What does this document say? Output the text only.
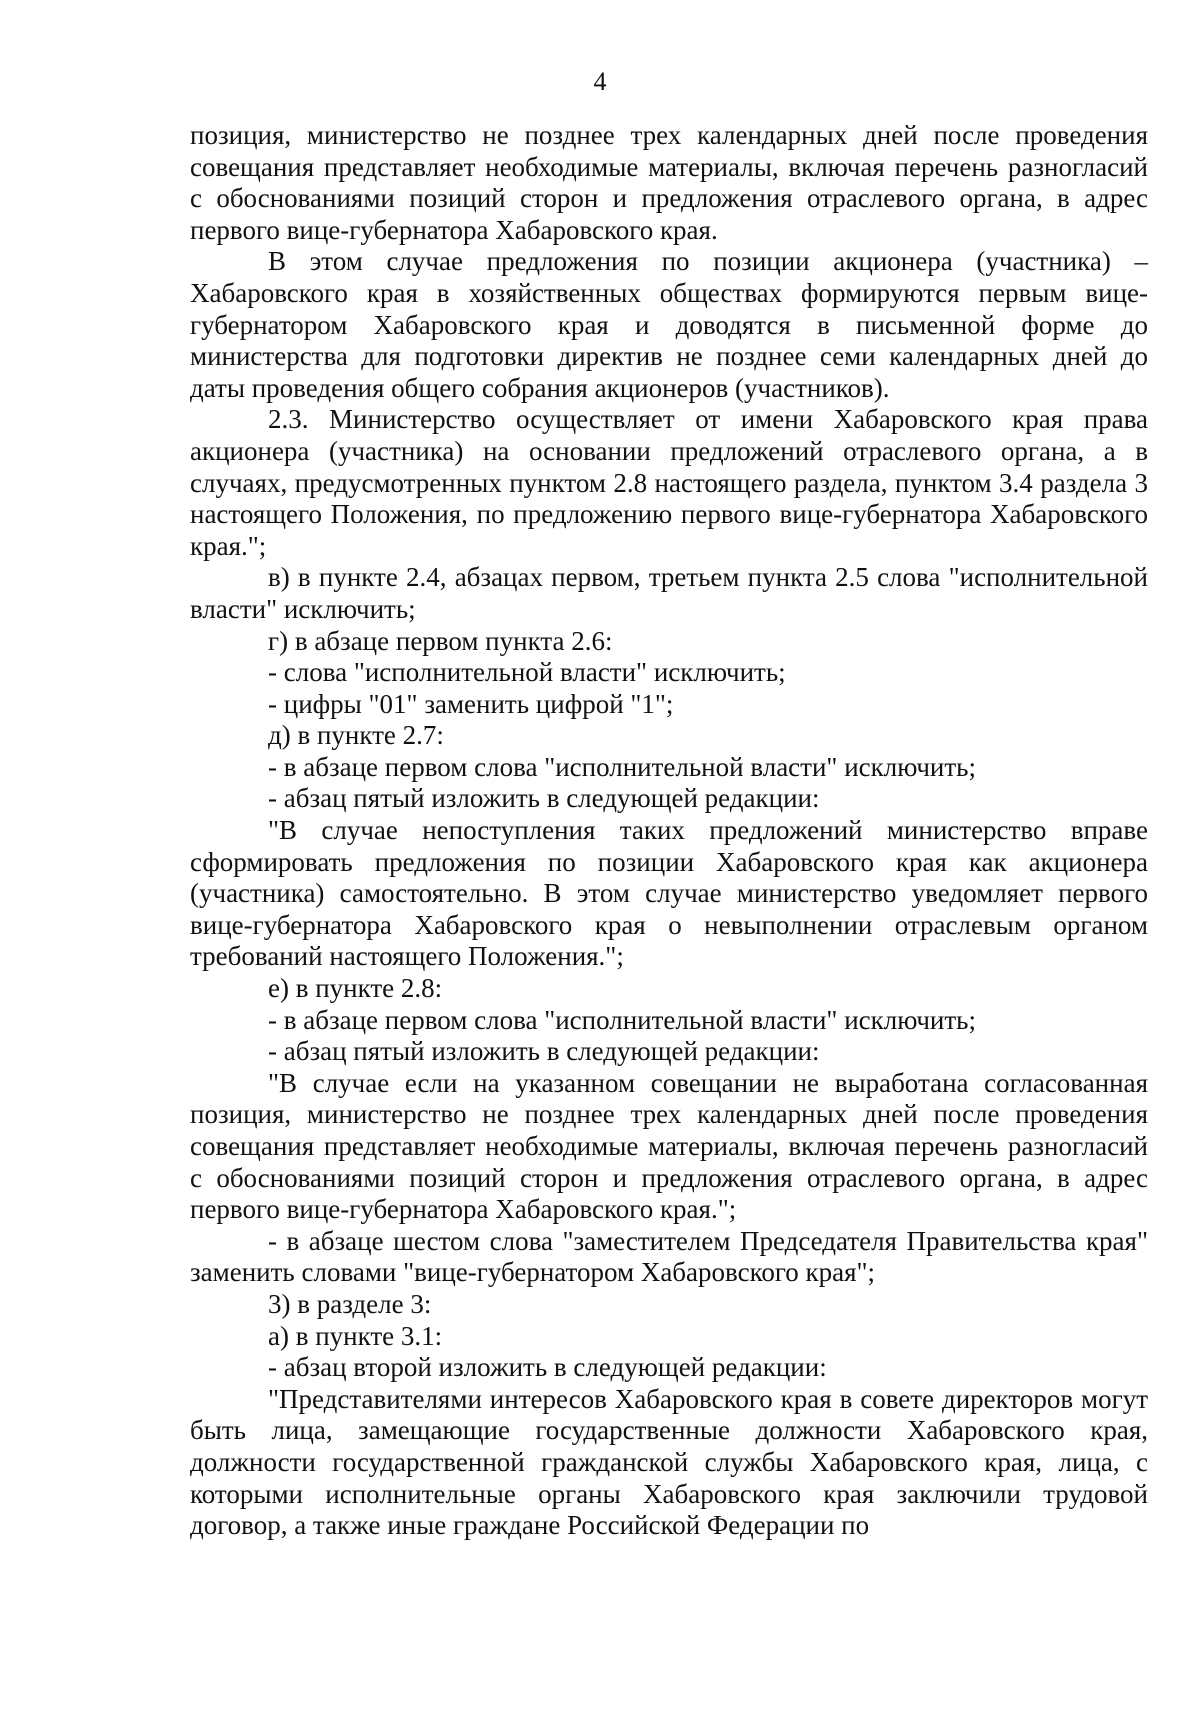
4

позиция, министерство не позднее трех календарных дней после проведения совещания представляет необходимые материалы, включая перечень разногласий с обоснованиями позиций сторон и предложения отраслевого органа, в адрес первого вице-губернатора Хабаровского края.

В этом случае предложения по позиции акционера (участника) – Хабаровского края в хозяйственных обществах формируются первым вице-губернатором Хабаровского края и доводятся в письменной форме до министерства для подготовки директив не позднее семи календарных дней до даты проведения общего собрания акционеров (участников).

2.3. Министерство осуществляет от имени Хабаровского края права акционера (участника) на основании предложений отраслевого органа, а в случаях, предусмотренных пунктом 2.8 настоящего раздела, пунктом 3.4 раздела 3 настоящего Положения, по предложению первого вице-губернатора Хабаровского края.";

в) в пункте 2.4, абзацах первом, третьем пункта 2.5 слова "исполнительной власти" исключить;

г) в абзаце первом пункта 2.6:

- слова "исполнительной власти" исключить;

- цифры "01" заменить цифрой "1";

д) в пункте 2.7:

- в абзаце первом слова "исполнительной власти" исключить;

- абзац пятый изложить в следующей редакции:

"В случае непоступления таких предложений министерство вправе сформировать предложения по позиции Хабаровского края как акционера (участника) самостоятельно. В этом случае министерство уведомляет первого вице-губернатора Хабаровского края о невыполнении отраслевым органом требований настоящего Положения.";

е) в пункте 2.8:

- в абзаце первом слова "исполнительной власти" исключить;

- абзац пятый изложить в следующей редакции:

"В случае если на указанном совещании не выработана согласованная позиция, министерство не позднее трех календарных дней после проведения совещания представляет необходимые материалы, включая перечень разногласий с обоснованиями позиций сторон и предложения отраслевого органа, в адрес первого вице-губернатора Хабаровского края.";

- в абзаце шестом слова "заместителем Председателя Правительства края" заменить словами "вице-губернатором Хабаровского края";

3) в разделе 3:

а) в пункте 3.1:

- абзац второй изложить в следующей редакции:

"Представителями интересов Хабаровского края в совете директоров могут быть лица, замещающие государственные должности Хабаровского края, должности государственной гражданской службы Хабаровского края, лица, с которыми исполнительные органы Хабаровского края заключили трудовой договор, а также иные граждане Российской Федерации по
